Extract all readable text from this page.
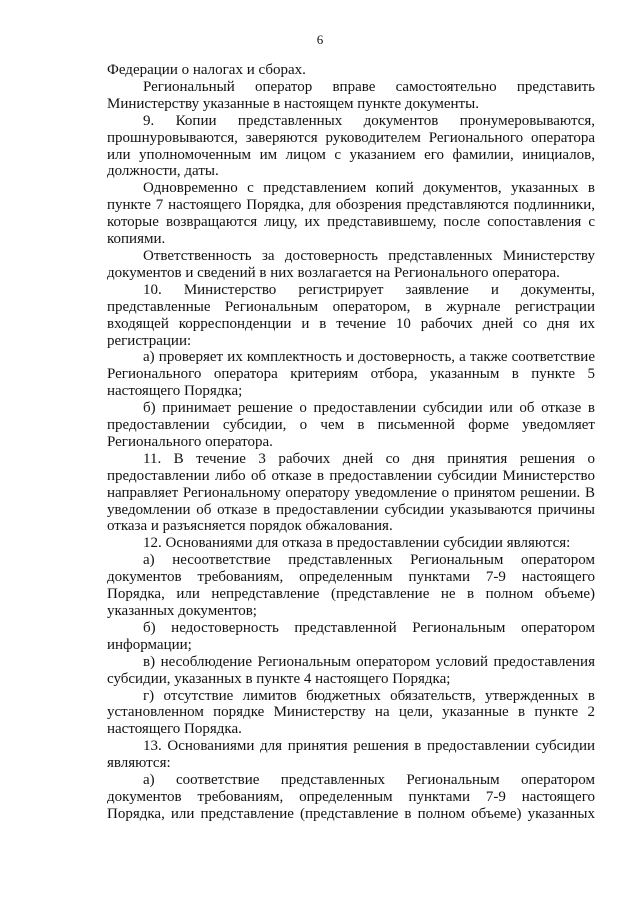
6

Федерации о налогах и сборах.

Региональный оператор вправе самостоятельно представить Министерству указанные в настоящем пункте документы.

9. Копии представленных документов пронумеровываются, прошнуровываются, заверяются руководителем Регионального оператора или уполномоченным им лицом с указанием его фамилии, инициалов, должности, даты.

Одновременно с представлением копий документов, указанных в пункте 7 настоящего Порядка, для обозрения представляются подлинники, которые возвращаются лицу, их представившему, после сопоставления с копиями.

Ответственность за достоверность представленных Министерству документов и сведений в них возлагается на Регионального оператора.

10. Министерство регистрирует заявление и документы, представленные Региональным оператором, в журнале регистрации входящей корреспонденции и в течение 10 рабочих дней со дня их регистрации:

а) проверяет их комплектность и достоверность, а также соответствие Регионального оператора критериям отбора, указанным в пункте 5 настоящего Порядка;

б) принимает решение о предоставлении субсидии или об отказе в предоставлении субсидии, о чем в письменной форме уведомляет Регионального оператора.

11. В течение 3 рабочих дней со дня принятия решения о предоставлении либо об отказе в предоставлении субсидии Министерство направляет Региональному оператору уведомление о принятом решении. В уведомлении об отказе в предоставлении субсидии указываются причины отказа и разъясняется порядок обжалования.

12. Основаниями для отказа в предоставлении субсидии являются:

а) несоответствие представленных Региональным оператором документов требованиям, определенным пунктами 7-9 настоящего Порядка, или непредставление (представление не в полном объеме) указанных документов;

б) недостоверность представленной Региональным оператором информации;

в) несоблюдение Региональным оператором условий предоставления субсидии, указанных в пункте 4 настоящего Порядка;

г) отсутствие лимитов бюджетных обязательств, утвержденных в установленном порядке Министерству на цели, указанные в пункте 2 настоящего Порядка.

13. Основаниями для принятия решения в предоставлении субсидии являются:

а) соответствие представленных Региональным оператором документов требованиям, определенным пунктами 7-9 настоящего Порядка, или представление (представление в полном объеме) указанных
